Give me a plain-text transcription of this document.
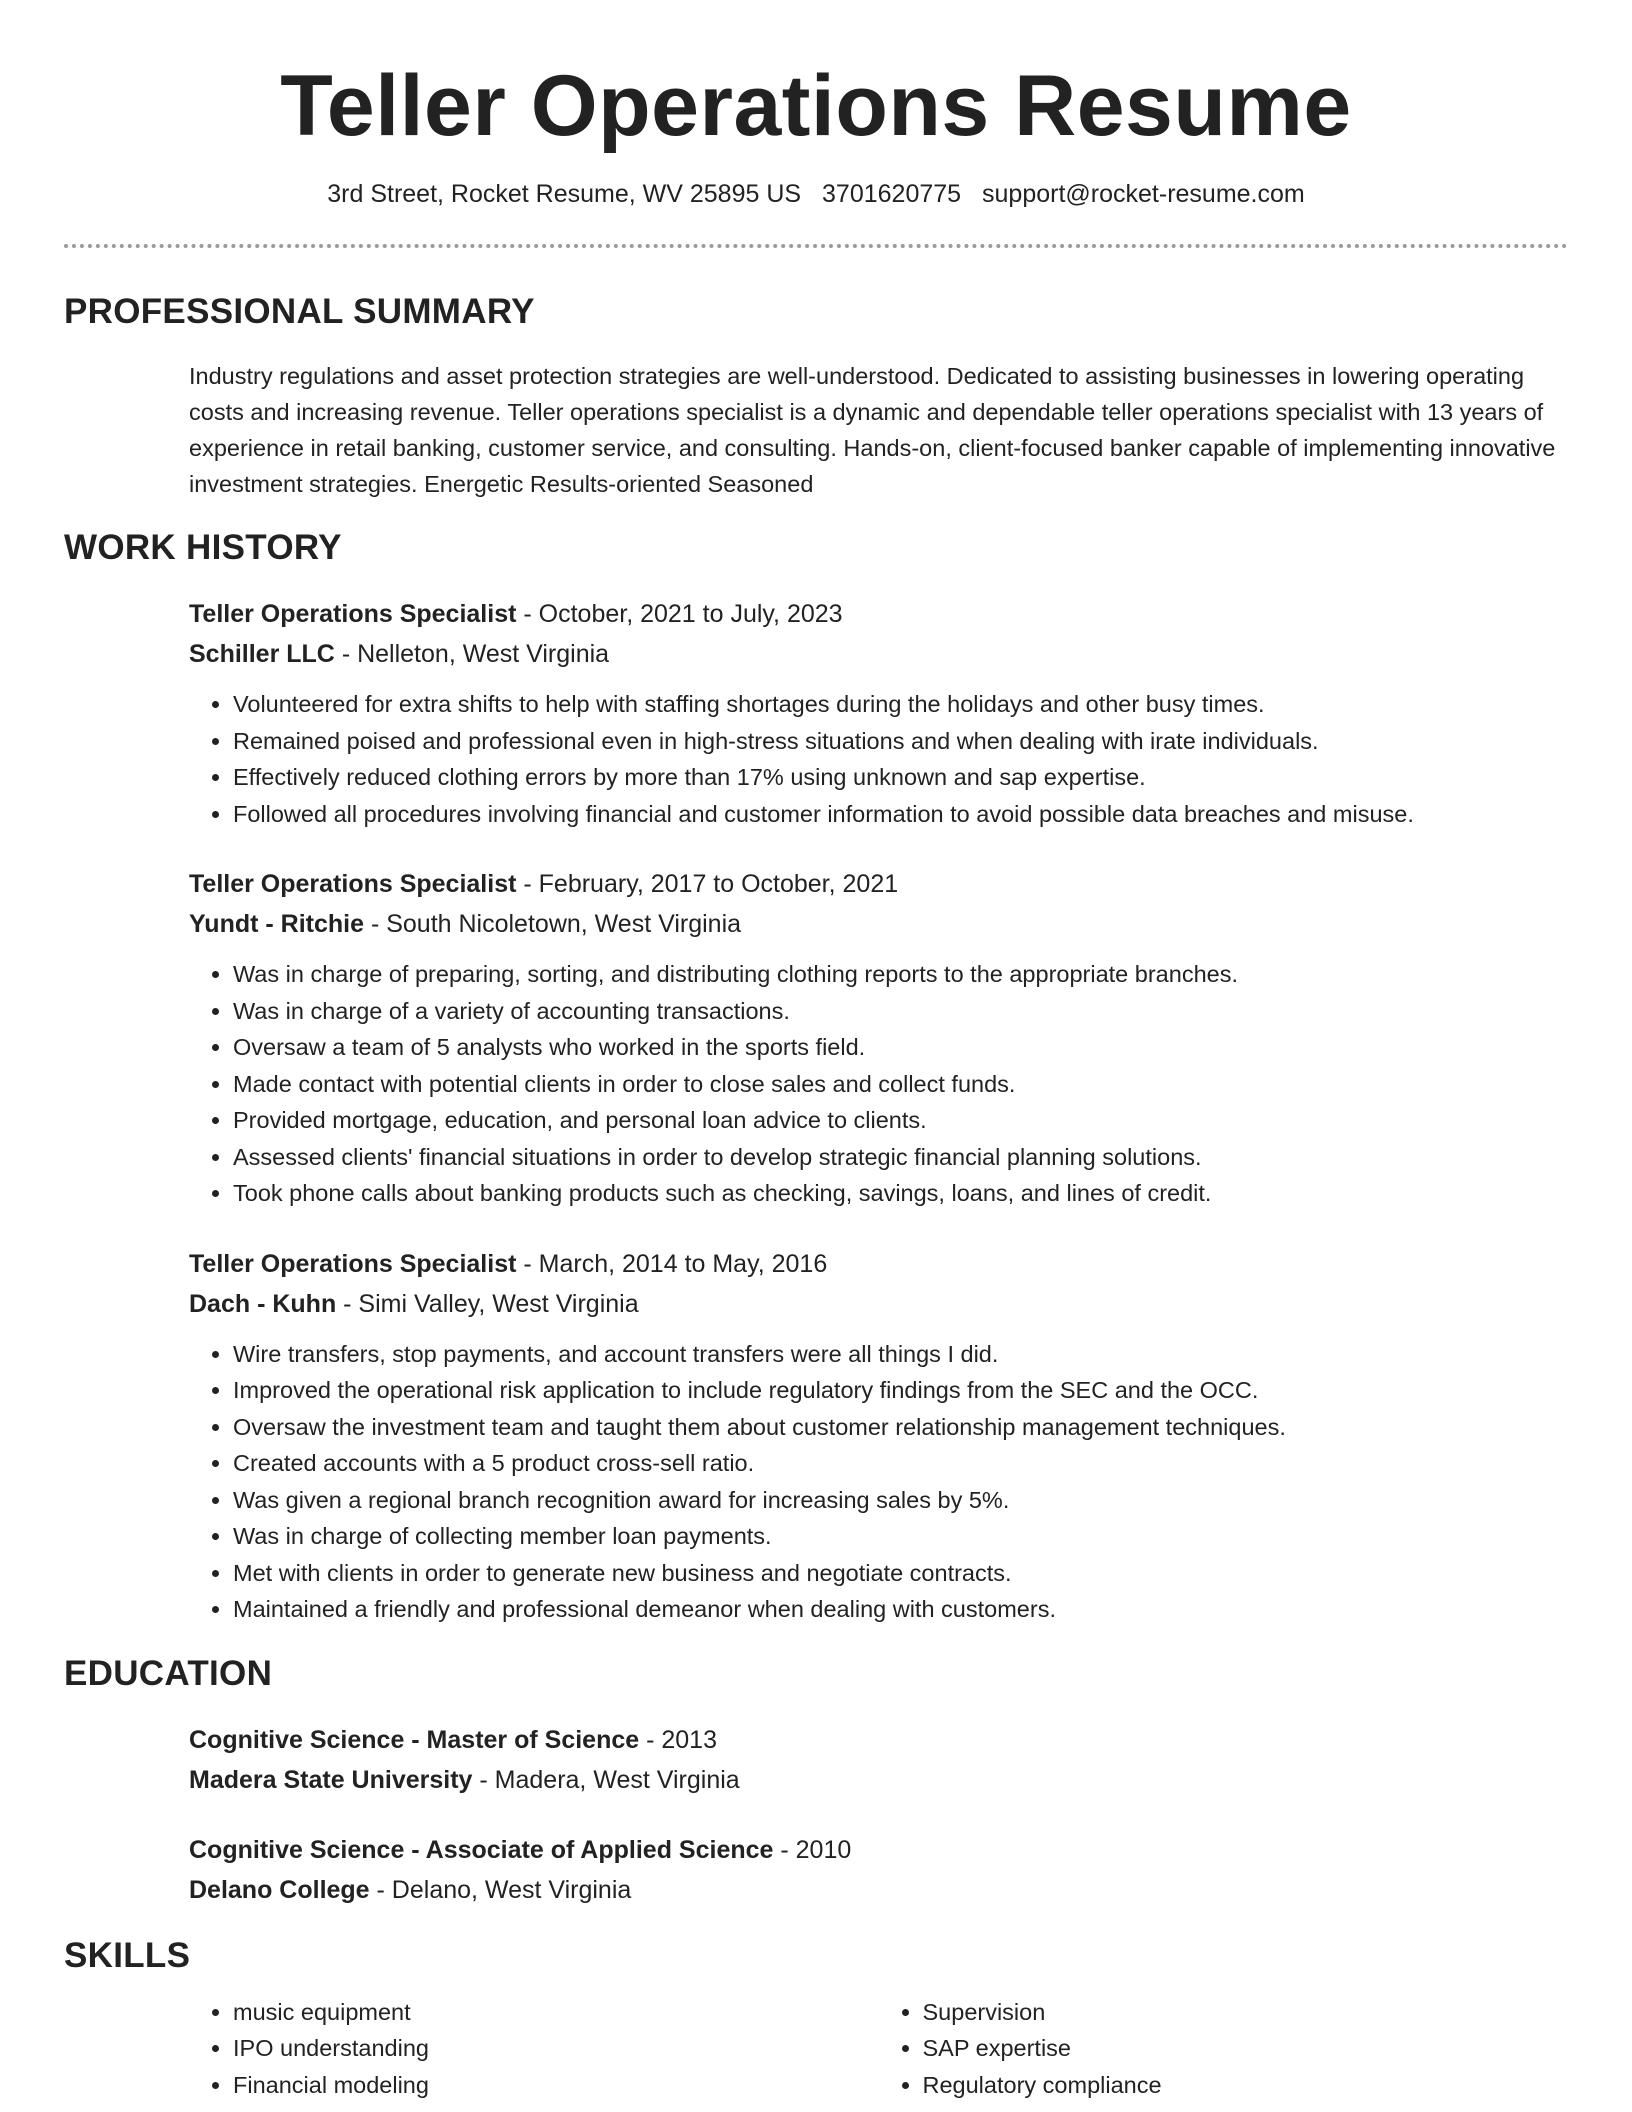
Teller Operations Resume
3rd Street, Rocket Resume, WV 25895 US 3701620775 support@rocket-resume.com
PROFESSIONAL SUMMARY
Industry regulations and asset protection strategies are well-understood. Dedicated to assisting businesses in lowering operating costs and increasing revenue. Teller operations specialist is a dynamic and dependable teller operations specialist with 13 years of experience in retail banking, customer service, and consulting. Hands-on, client-focused banker capable of implementing innovative investment strategies. Energetic Results-oriented Seasoned
WORK HISTORY
Teller Operations Specialist - October, 2021 to July, 2023
Schiller LLC - Nelleton, West Virginia
• Volunteered for extra shifts to help with staffing shortages during the holidays and other busy times.
• Remained poised and professional even in high-stress situations and when dealing with irate individuals.
• Effectively reduced clothing errors by more than 17% using unknown and sap expertise.
• Followed all procedures involving financial and customer information to avoid possible data breaches and misuse.
Teller Operations Specialist - February, 2017 to October, 2021
Yundt - Ritchie - South Nicoletown, West Virginia
• Was in charge of preparing, sorting, and distributing clothing reports to the appropriate branches.
• Was in charge of a variety of accounting transactions.
• Oversaw a team of 5 analysts who worked in the sports field.
• Made contact with potential clients in order to close sales and collect funds.
• Provided mortgage, education, and personal loan advice to clients.
• Assessed clients' financial situations in order to develop strategic financial planning solutions.
• Took phone calls about banking products such as checking, savings, loans, and lines of credit.
Teller Operations Specialist - March, 2014 to May, 2016
Dach - Kuhn - Simi Valley, West Virginia
• Wire transfers, stop payments, and account transfers were all things I did.
• Improved the operational risk application to include regulatory findings from the SEC and the OCC.
• Oversaw the investment team and taught them about customer relationship management techniques.
• Created accounts with a 5 product cross-sell ratio.
• Was given a regional branch recognition award for increasing sales by 5%.
• Was in charge of collecting member loan payments.
• Met with clients in order to generate new business and negotiate contracts.
• Maintained a friendly and professional demeanor when dealing with customers.
EDUCATION
Cognitive Science - Master of Science - 2013
Madera State University - Madera, West Virginia
Cognitive Science - Associate of Applied Science - 2010
Delano College - Delano, West Virginia
SKILLS
• music equipment
• IPO understanding
• Financial modeling
• Supervision
• SAP expertise
• Regulatory compliance
